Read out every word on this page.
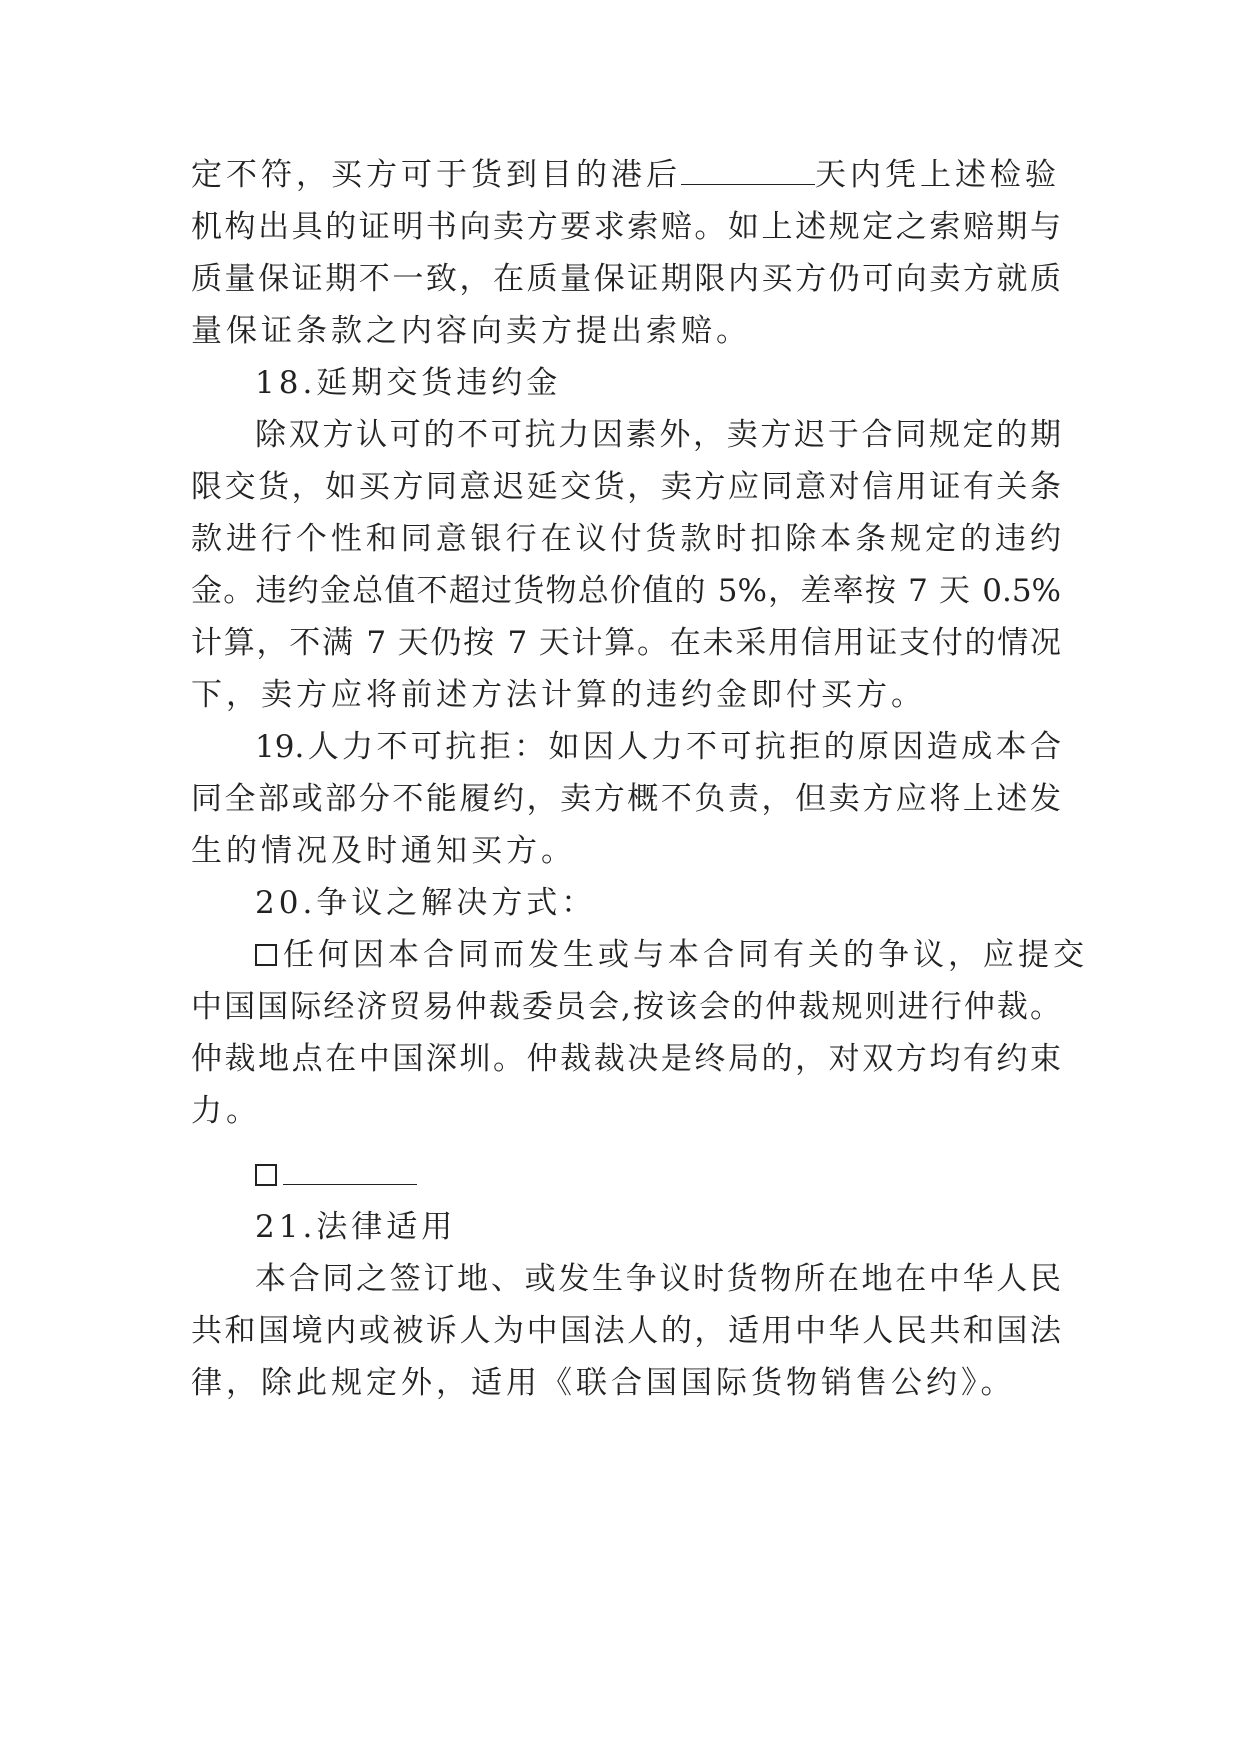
定不符，买方可于货到目的港后	天内凭上述检验
机构出具的证明书向卖方要求索赔。如上述规定之索赔期与
质量保证期不一致，在质量保证期限内买方仍可向卖方就质
量保证条款之内容向卖方提出索赔。
18.延期交货违约金
除双方认可的不可抗力因素外，卖方迟于合同规定的期
限交货，如买方同意迟延交货，卖方应同意对信用证有关条
款进行个性和同意银行在议付货款时扣除本条规定的违约
金。违约金总值不超过货物总价值的 5%，差率按 7 天 0.5%
计算，不满 7 天仍按 7 天计算。在未采用信用证支付的情况
下，卖方应将前述方法计算的违约金即付买方。
19.人力不可抗拒：如因人力不可抗拒的原因造成本合
同全部或部分不能履约，卖方概不负责，但卖方应将上述发
生的情况及时通知买方。
20.争议之解决方式：
任何因本合同而发生或与本合同有关的争议，应提交
中国国际经济贸易仲裁委员会,按该会的仲裁规则进行仲裁。
仲裁地点在中国深圳。仲裁裁决是终局的，对双方均有约束
力。
21.法律适用
本合同之签订地、或发生争议时货物所在地在中华人民
共和国境内或被诉人为中国法人的，适用中华人民共和国法
律，除此规定外，适用《联合国国际货物销售公约》。
